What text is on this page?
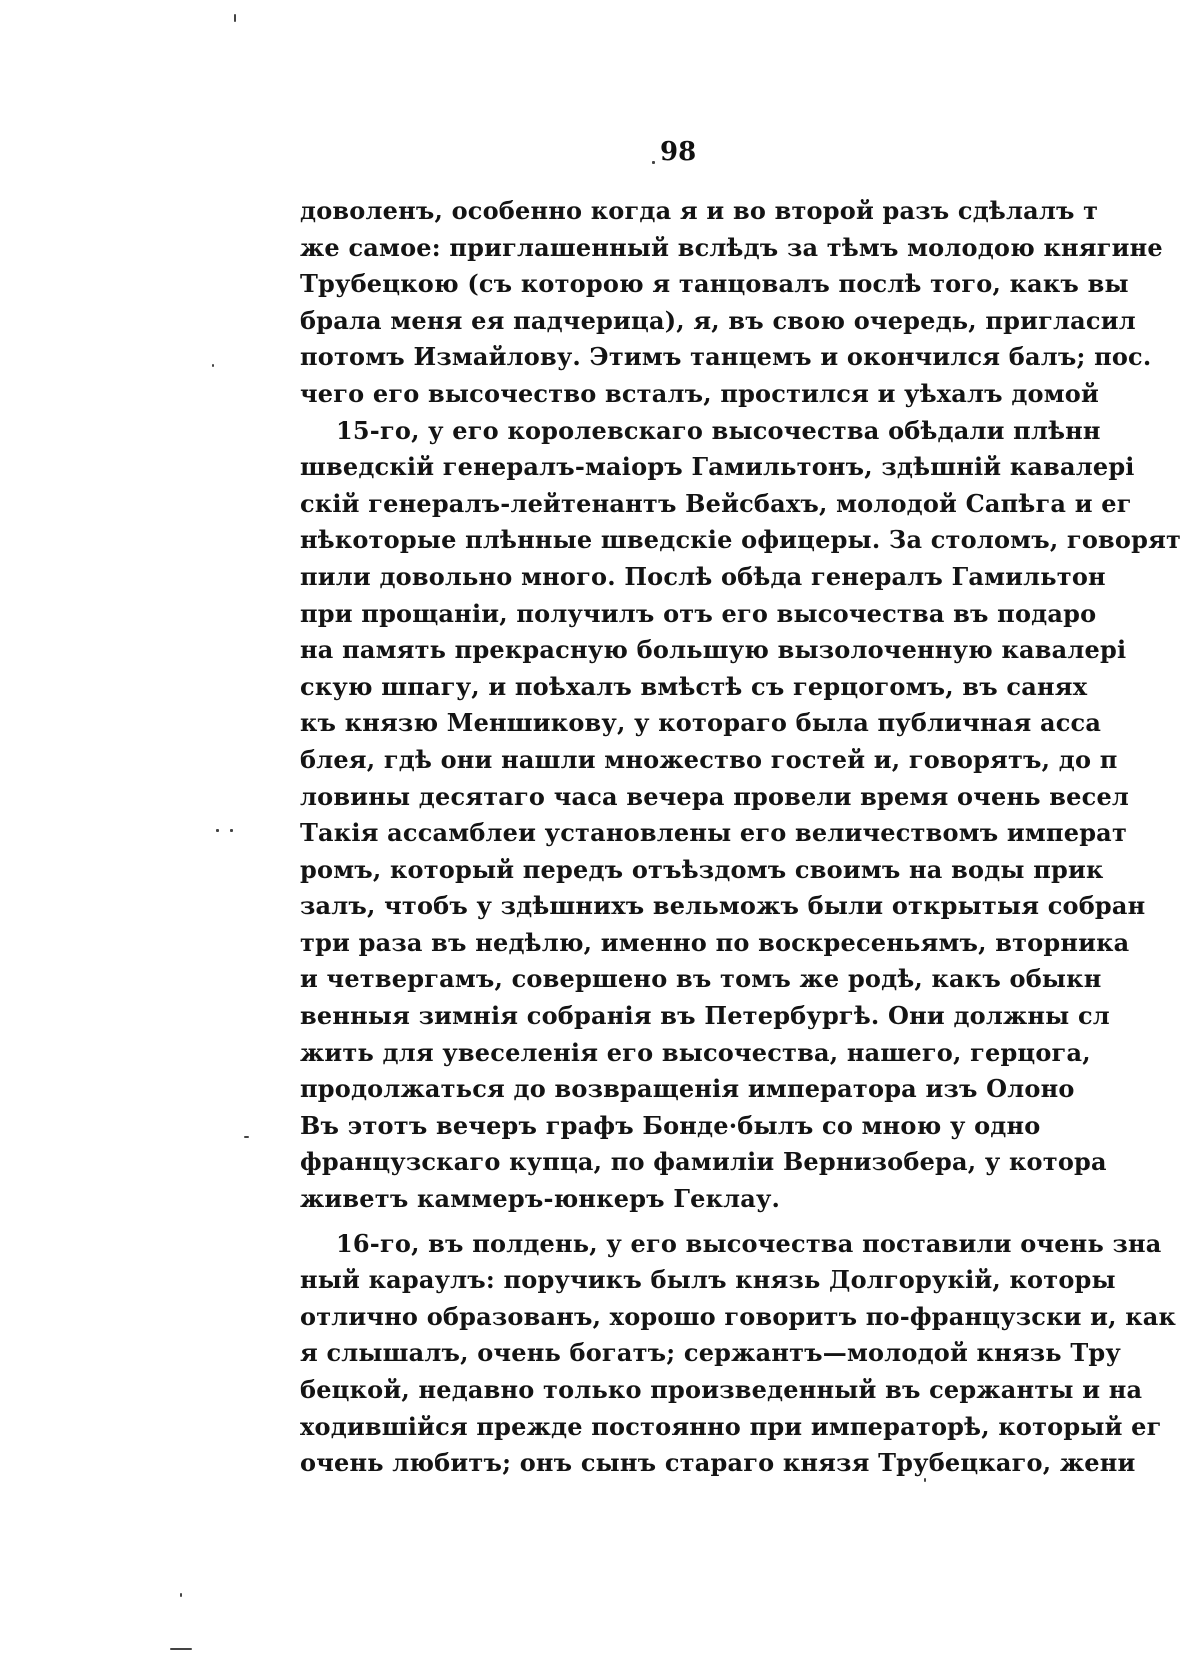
98
доволенъ, особенно когда я и во второй разъ сдѣлалъ т
же самое: приглашенный вслѣдъ за тѣмъ молодою княгине
Трубецкою (съ которою я танцовалъ послѣ того, какъ вы
брала меня ея падчерица), я, въ свою очередь, пригласил
потомъ Измайлову. Этимъ танцемъ и окончился балъ; пос.
чего его высочество всталъ, простился и уѣхалъ домой
15-го, у его королевскаго высочества обѣдали плѣнн
шведскій генералъ-маіоръ Гамильтонъ, здѣшній кавалері
скій генералъ-лейтенантъ Вейсбахъ, молодой Сапѣга и ег
нѣкоторые плѣнные шведскіе офицеры. За столомъ, говорят
пили довольно много. Послѣ обѣда генералъ Гамильтон
при прощаніи, получилъ отъ его высочества въ подаро
на память прекрасную большую вызолоченную кавалері
скую шпагу, и поѣхалъ вмѣстѣ съ герцогомъ, въ санях
къ князю Меншикову, у котораго была публичная асса
блея, гдѣ они нашли множество гостей и, говорятъ, до п
ловины десятаго часа вечера провели время очень весел
Такія ассамблеи установлены его величествомъ императ
ромъ, который передъ отъѣздомъ своимъ на воды прик
залъ, чтобъ у здѣшнихъ вельможъ были открытыя собран
три раза въ недѣлю, именно по воскресеньямъ, вторника
и четвергамъ, совершено въ томъ же родѣ, какъ обыкн
венныя зимнія собранія въ Петербургѣ. Они должны сл
жить для увеселенія его высочества, нашего, герцога,
продолжаться до возвращенія императора изъ Олоно
Въ этотъ вечеръ графъ Бонде·былъ со мною у одно
французскаго купца, по фамиліи Вернизобера, у котора
живетъ каммеръ-юнкеръ Геклау.
16-го, въ полдень, у его высочества поставили очень зна
ный караулъ: поручикъ былъ князь Долгорукій, которы
отлично образованъ, хорошо говоритъ по-французски и, как
я слышалъ, очень богатъ; сержантъ—молодой князь Тру
бецкой, недавно только произведенный въ сержанты и на
ходившійся прежде постоянно при императорѣ, который ег
очень любитъ; онъ сынъ старагo князя Трубецкаго, жени
